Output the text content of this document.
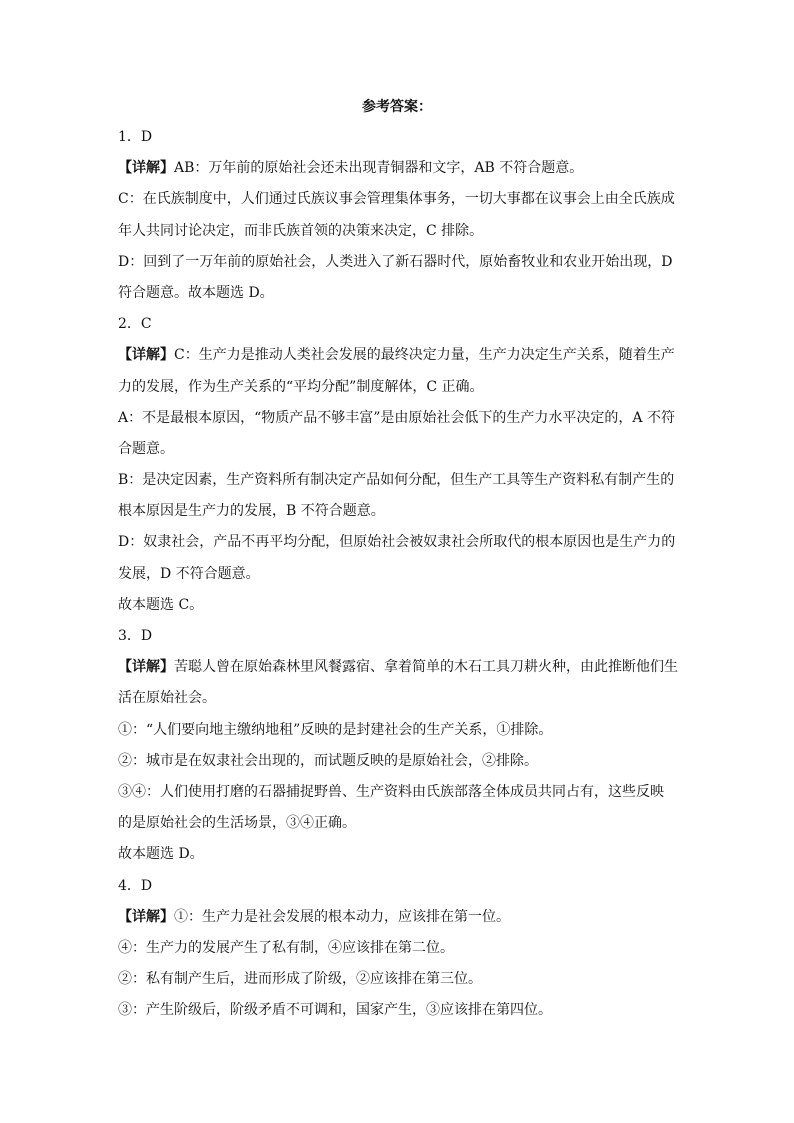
参考答案：
1．D
【详解】AB：万年前的原始社会还未出现青铜器和文字，AB 不符合题意。
C：在氏族制度中，人们通过氏族议事会管理集体事务，一切大事都在议事会上由全氏族成
年人共同讨论决定，而非氏族首领的决策来决定，C 排除。
D：回到了一万年前的原始社会，人类进入了新石器时代，原始畜牧业和农业开始出现，D
符合题意。故本题选 D。
2．C
【详解】C：生产力是推动人类社会发展的最终决定力量，生产力决定生产关系，随着生产
力的发展，作为生产关系的“平均分配”制度解体，C 正确。
A：不是最根本原因，“物质产品不够丰富”是由原始社会低下的生产力水平决定的，A 不符
合题意。
B：是决定因素，生产资料所有制决定产品如何分配，但生产工具等生产资料私有制产生的
根本原因是生产力的发展，B 不符合题意。
D：奴隶社会，产品不再平均分配，但原始社会被奴隶社会所取代的根本原因也是生产力的
发展，D 不符合题意。
故本题选 C。
3．D
【详解】苦聪人曾在原始森林里风餐露宿、拿着简单的木石工具刀耕火种，由此推断他们生
活在原始社会。
①：“人们要向地主缴纳地租”反映的是封建社会的生产关系，①排除。
②：城市是在奴隶社会出现的，而试题反映的是原始社会，②排除。
③④：人们使用打磨的石器捕捉野兽、生产资料由氏族部落全体成员共同占有，这些反映
的是原始社会的生活场景，③④正确。
故本题选 D。
4．D
【详解】①：生产力是社会发展的根本动力，应该排在第一位。
④：生产力的发展产生了私有制，④应该排在第二位。
②：私有制产生后，进而形成了阶级，②应该排在第三位。
③：产生阶级后，阶级矛盾不可调和，国家产生，③应该排在第四位。
